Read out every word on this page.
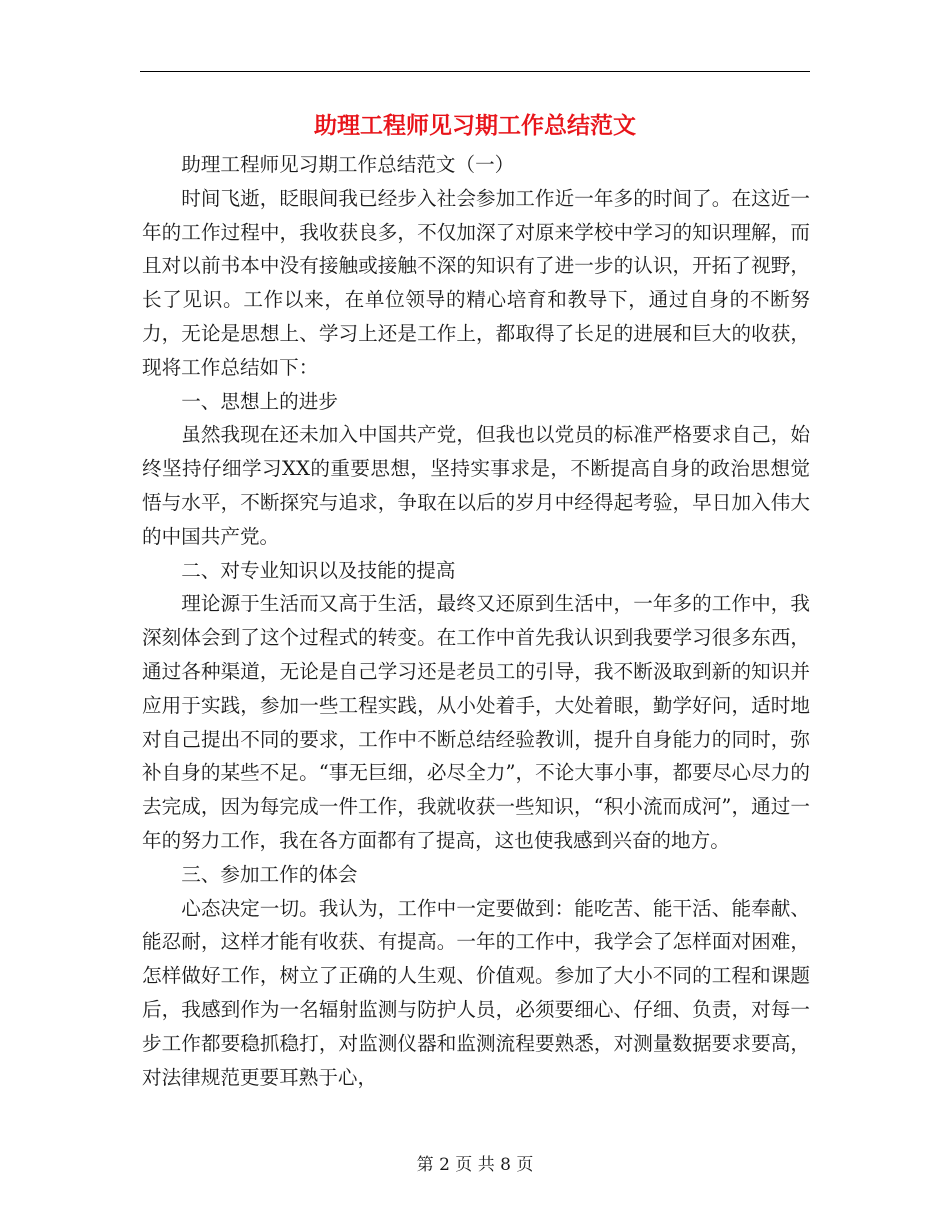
助理工程师见习期工作总结范文

助理工程师见习期工作总结范文（一）

时间飞逝，眨眼间我已经步入社会参加工作近一年多的时间了。在这近一年的工作过程中，我收获良多，不仅加深了对原来学校中学习的知识理解，而且对以前书本中没有接触或接触不深的知识有了进一步的认识，开拓了视野，长了见识。工作以来，在单位领导的精心培育和教导下，通过自身的不断努力，无论是思想上、学习上还是工作上，都取得了长足的进展和巨大的收获，现将工作总结如下：

一、思想上的进步

虽然我现在还未加入中国共产党，但我也以党员的标准严格要求自己，始终坚持仔细学习XX的重要思想，坚持实事求是，不断提高自身的政治思想觉悟与水平，不断探究与追求，争取在以后的岁月中经得起考验，早日加入伟大的中国共产党。

二、对专业知识以及技能的提高

理论源于生活而又高于生活，最终又还原到生活中，一年多的工作中，我深刻体会到了这个过程式的转变。在工作中首先我认识到我要学习很多东西，通过各种渠道，无论是自己学习还是老员工的引导，我不断汲取到新的知识并应用于实践，参加一些工程实践，从小处着手，大处着眼，勤学好问，适时地对自己提出不同的要求，工作中不断总结经验教训，提升自身能力的同时，弥补自身的某些不足。“事无巨细，必尽全力”，不论大事小事，都要尽心尽力的去完成，因为每完成一件工作，我就收获一些知识，“积小流而成河”，通过一年的努力工作，我在各方面都有了提高，这也使我感到兴奋的地方。

三、参加工作的体会

心态决定一切。我认为，工作中一定要做到：能吃苦、能干活、能奉献、能忍耐，这样才能有收获、有提高。一年的工作中，我学会了怎样面对困难，怎样做好工作，树立了正确的人生观、价值观。参加了大小不同的工程和课题后，我感到作为一名辐射监测与防护人员，必须要细心、仔细、负责，对每一步工作都要稳抓稳打，对监测仪器和监测流程要熟悉，对测量数据要求要高，对法律规范更要耳熟于心，

第 2 页 共 8 页
